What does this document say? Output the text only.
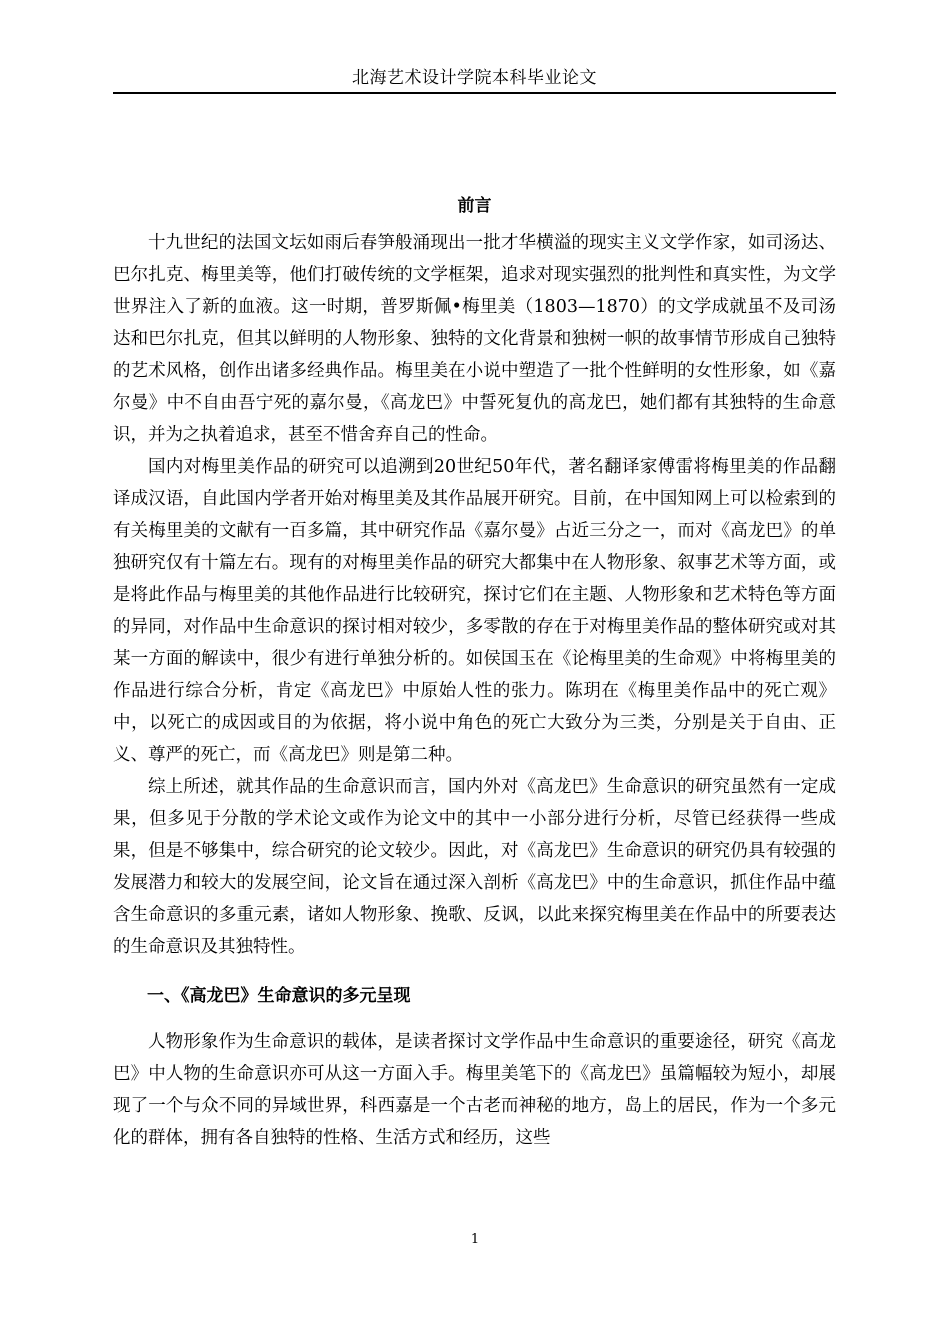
北海艺术设计学院本科毕业论文
前言

十九世纪的法国文坛如雨后春笋般涌现出一批才华横溢的现实主义文学作家，如司汤达、巴尔扎克、梅里美等，他们打破传统的文学框架，追求对现实强烈的批判性和真实性，为文学世界注入了新的血液。这一时期，普罗斯佩•梅里美（1803—1870）的文学成就虽不及司汤达和巴尔扎克，但其以鲜明的人物形象、独特的文化背景和独树一帜的故事情节形成自己独特的艺术风格，创作出诸多经典作品。梅里美在小说中塑造了一批个性鲜明的女性形象，如《嘉尔曼》中不自由吾宁死的嘉尔曼，《高龙巴》中誓死复仇的高龙巴，她们都有其独特的生命意识，并为之执着追求，甚至不惜舍弃自己的性命。

国内对梅里美作品的研究可以追溯到20世纪50年代，著名翻译家傅雷将梅里美的作品翻译成汉语，自此国内学者开始对梅里美及其作品展开研究。目前，在中国知网上可以检索到的有关梅里美的文献有一百多篇，其中研究作品《嘉尔曼》占近三分之一，而对《高龙巴》的单独研究仅有十篇左右。现有的对梅里美作品的研究大都集中在人物形象、叙事艺术等方面，或是将此作品与梅里美的其他作品进行比较研究，探讨它们在主题、人物形象和艺术特色等方面的异同，对作品中生命意识的探讨相对较少，多零散的存在于对梅里美作品的整体研究或对其某一方面的解读中，很少有进行单独分析的。如侯国玉在《论梅里美的生命观》中将梅里美的作品进行综合分析，肯定《高龙巴》中原始人性的张力。陈玥在《梅里美作品中的死亡观》中，以死亡的成因或目的为依据，将小说中角色的死亡大致分为三类，分别是关于自由、正义、尊严的死亡，而《高龙巴》则是第二种。

综上所述，就其作品的生命意识而言，国内外对《高龙巴》生命意识的研究虽然有一定成果，但多见于分散的学术论文或作为论文中的其中一小部分进行分析，尽管已经获得一些成果，但是不够集中，综合研究的论文较少。因此，对《高龙巴》生命意识的研究仍具有较强的发展潜力和较大的发展空间，论文旨在通过深入剖析《高龙巴》中的生命意识，抓住作品中蕴含生命意识的多重元素，诸如人物形象、挽歌、反讽，以此来探究梅里美在作品中的所要表达的生命意识及其独特性。

一、《高龙巴》生命意识的多元呈现

人物形象作为生命意识的载体，是读者探讨文学作品中生命意识的重要途径，研究《高龙巴》中人物的生命意识亦可从这一方面入手。梅里美笔下的《高龙巴》虽篇幅较为短小，却展现了一个与众不同的异域世界，科西嘉是一个古老而神秘的地方，岛上的居民，作为一个多元化的群体，拥有各自独特的性格、生活方式和经历，这些

1
